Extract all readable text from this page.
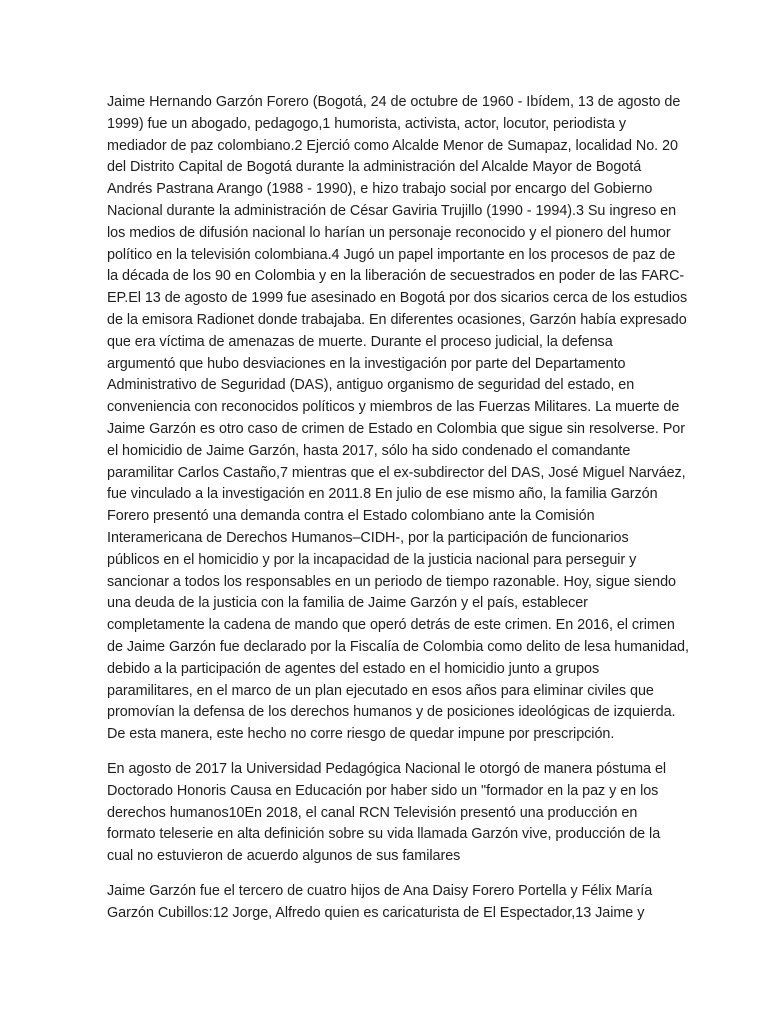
Jaime Hernando Garzón Forero (Bogotá, 24 de octubre de 1960 - Ibídem, 13 de agosto de
1999) fue un abogado, pedagogo,1 humorista, activista, actor, locutor, periodista y
mediador de paz colombiano.2 Ejerció como Alcalde Menor de Sumapaz, localidad No. 20
del Distrito Capital de Bogotá durante la administración del Alcalde Mayor de Bogotá
Andrés Pastrana Arango (1988 - 1990), e hizo trabajo social por encargo del Gobierno
Nacional durante la administración de César Gaviria Trujillo (1990 - 1994).3 Su ingreso en
los medios de difusión nacional lo harían un personaje reconocido y el pionero del humor
político en la televisión colombiana.4 Jugó un papel importante en los procesos de paz de
la década de los 90 en Colombia y en la liberación de secuestrados en poder de las FARC-
EP.El 13 de agosto de 1999 fue asesinado en Bogotá por dos sicarios cerca de los estudios
de la emisora Radionet donde trabajaba. En diferentes ocasiones, Garzón había expresado
que era víctima de amenazas de muerte. Durante el proceso judicial, la defensa
argumentó que hubo desviaciones en la investigación por parte del Departamento
Administrativo de Seguridad (DAS), antiguo organismo de seguridad del estado, en
conveniencia con reconocidos políticos y miembros de las Fuerzas Militares. La muerte de
Jaime Garzón es otro caso de crimen de Estado en Colombia que sigue sin resolverse. Por
el homicidio de Jaime Garzón, hasta 2017, sólo ha sido condenado el comandante
paramilitar Carlos Castaño,7 mientras que el ex-subdirector del DAS, José Miguel Narváez,
fue vinculado a la investigación en 2011.8 En julio de ese mismo año, la familia Garzón
Forero presentó una demanda contra el Estado colombiano ante la Comisión
Interamericana de Derechos Humanos–CIDH-, por la participación de funcionarios
públicos en el homicidio y por la incapacidad de la justicia nacional para perseguir y
sancionar a todos los responsables en un periodo de tiempo razonable. Hoy, sigue siendo
una deuda de la justicia con la familia de Jaime Garzón y el país, establecer
completamente la cadena de mando que operó detrás de este crimen. En 2016, el crimen
de Jaime Garzón fue declarado por la Fiscalía de Colombia como delito de lesa humanidad,
debido a la participación de agentes del estado en el homicidio junto a grupos
paramilitares, en el marco de un plan ejecutado en esos años para eliminar civiles que
promovían la defensa de los derechos humanos y de posiciones ideológicas de izquierda.
De esta manera, este hecho no corre riesgo de quedar impune por prescripción.

En agosto de 2017 la Universidad Pedagógica Nacional le otorgó de manera póstuma el
Doctorado Honoris Causa en Educación por haber sido un "formador en la paz y en los
derechos humanos10En 2018, el canal RCN Televisión presentó una producción en
formato teleserie en alta definición sobre su vida llamada Garzón vive, producción de la
cual no estuvieron de acuerdo algunos de sus familares

Jaime Garzón fue el tercero de cuatro hijos de Ana Daisy Forero Portella y Félix María
Garzón Cubillos:12 Jorge, Alfredo quien es caricaturista de El Espectador,13 Jaime y
